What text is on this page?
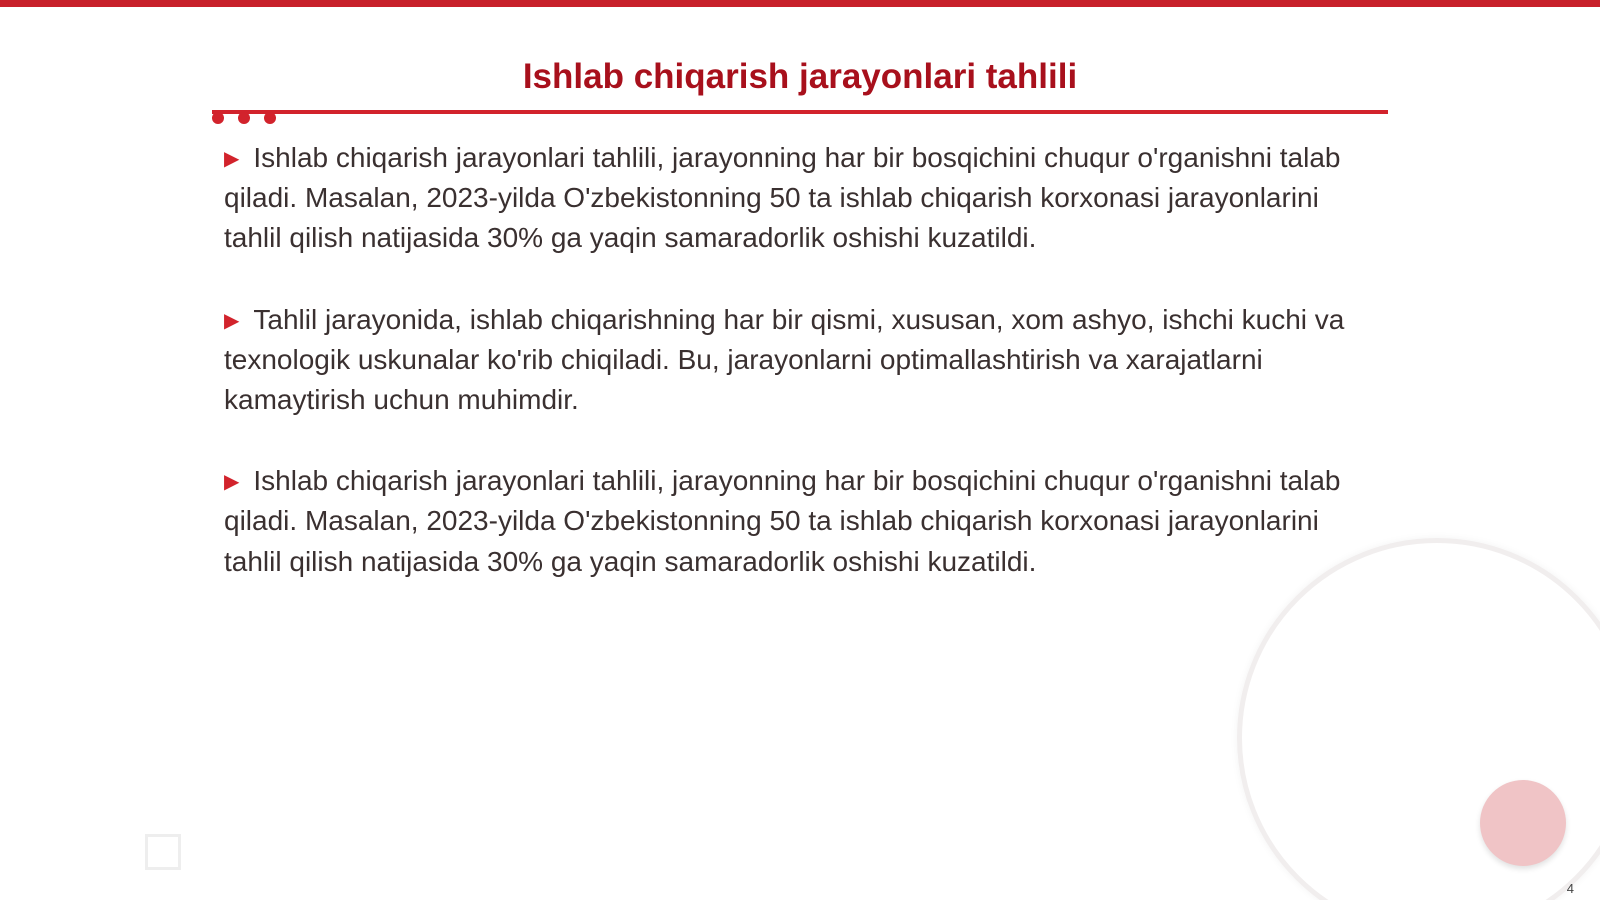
Ishlab chiqarish jarayonlari tahlili

▶ Ishlab chiqarish jarayonlari tahlili, jarayonning har bir bosqichini chuqur o'rganishni talab qiladi. Masalan, 2023-yilda O'zbekistonning 50 ta ishlab chiqarish korxonasi jarayonlarini tahlil qilish natijasida 30% ga yaqin samaradorlik oshishi kuzatildi.

▶ Tahlil jarayonida, ishlab chiqarishning har bir qismi, xususan, xom ashyo, ishchi kuchi va texnologik uskunalar ko'rib chiqiladi. Bu, jarayonlarni optimallashtirish va xarajatlarni kamaytirish uchun muhimdir.

▶ Ishlab chiqarish jarayonlari tahlili, jarayonning har bir bosqichini chuqur o'rganishni talab qiladi. Masalan, 2023-yilda O'zbekistonning 50 ta ishlab chiqarish korxonasi jarayonlarini tahlil qilish natijasida 30% ga yaqin samaradorlik oshishi kuzatildi.

4
